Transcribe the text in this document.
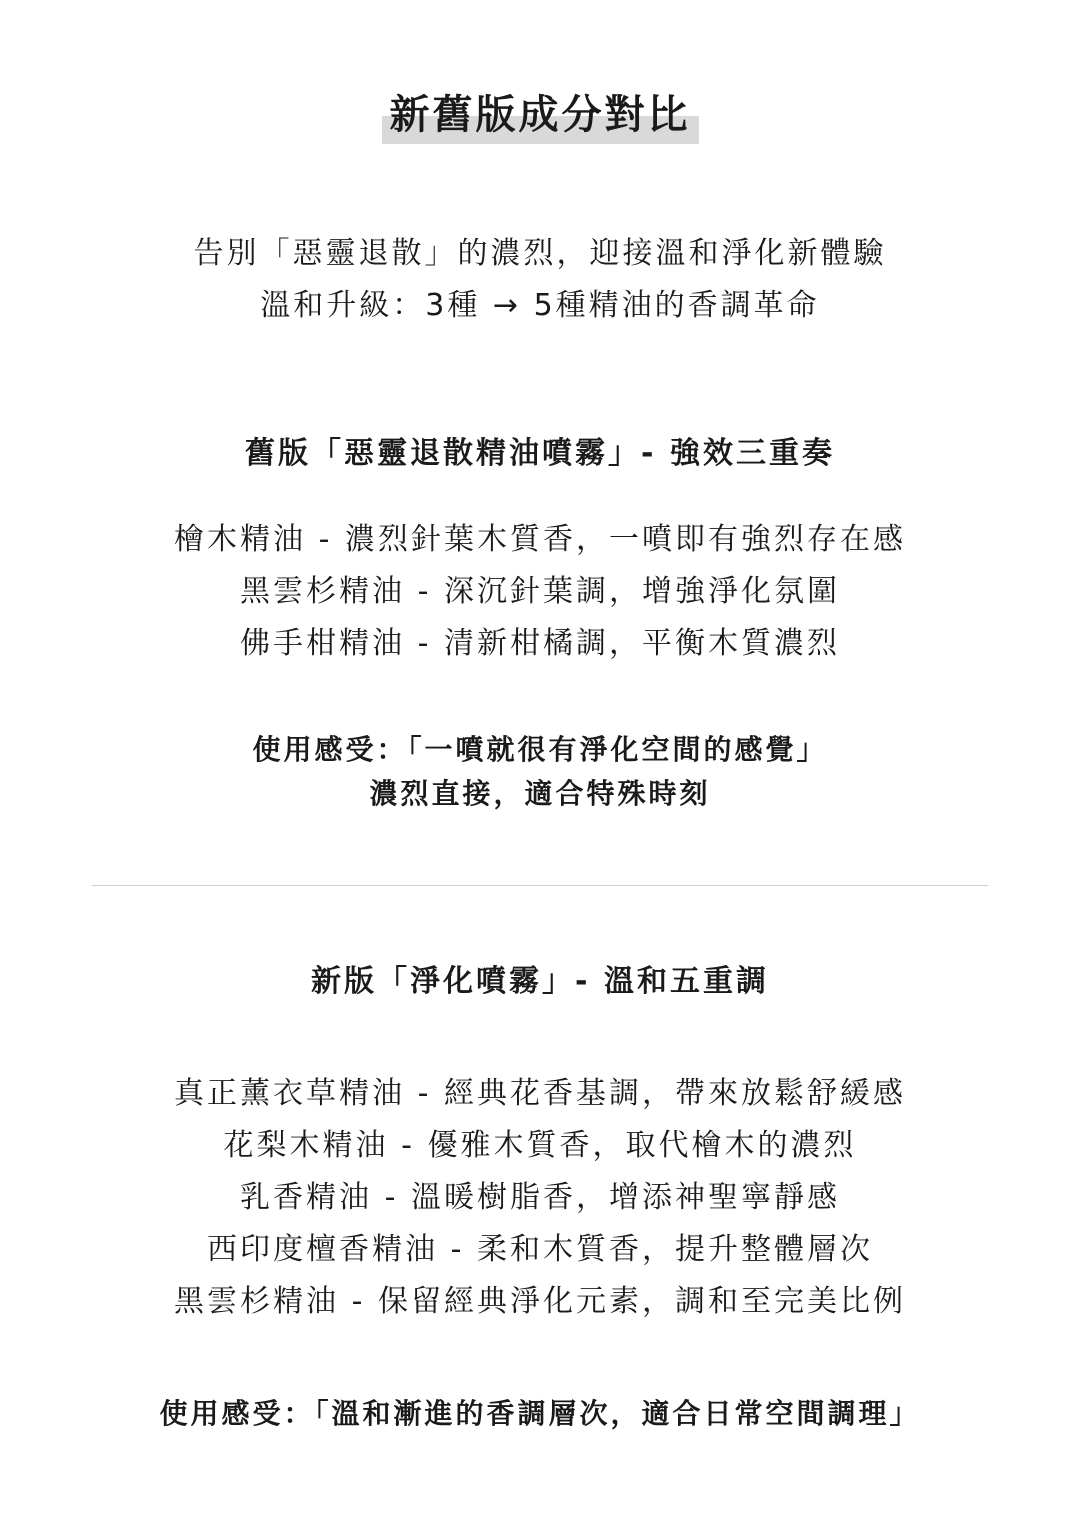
新舊版成分對比
告別「惡靈退散」的濃烈，迎接溫和淨化新體驗
溫和升級：3種 → 5種精油的香調革命
舊版「惡靈退散精油噴霧」- 強效三重奏
檜木精油 - 濃烈針葉木質香，一噴即有強烈存在感
黑雲杉精油 - 深沉針葉調，增強淨化氛圍
佛手柑精油 - 清新柑橘調，平衡木質濃烈
使用感受：「一噴就很有淨化空間的感覺」
濃烈直接，適合特殊時刻
新版「淨化噴霧」- 溫和五重調
真正薰衣草精油 - 經典花香基調，帶來放鬆舒緩感
花梨木精油 - 優雅木質香，取代檜木的濃烈
乳香精油 - 溫暖樹脂香，增添神聖寧靜感
西印度檀香精油 - 柔和木質香，提升整體層次
黑雲杉精油 - 保留經典淨化元素，調和至完美比例
使用感受：「溫和漸進的香調層次，適合日常空間調理」
